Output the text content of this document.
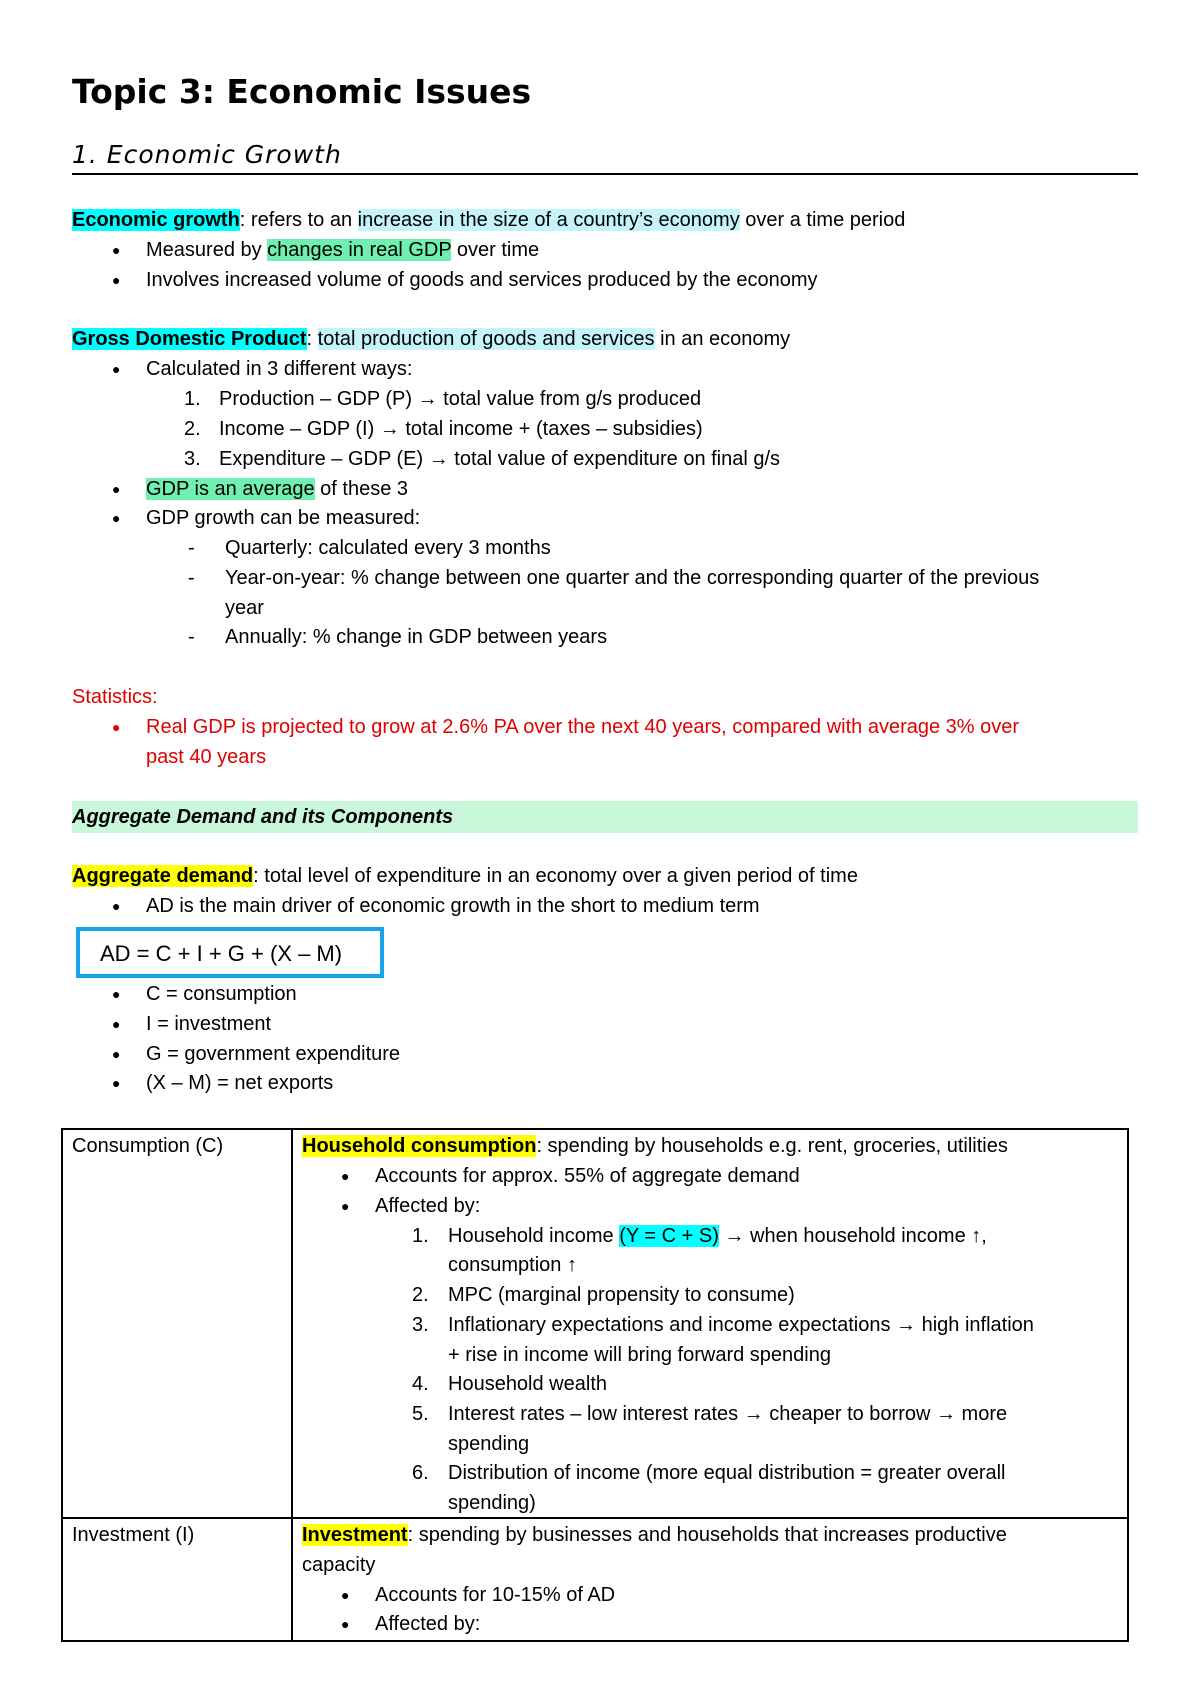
Topic 3: Economic Issues
1. Economic Growth
Economic growth: refers to an increase in the size of a country’s economy over a time period
● Measured by changes in real GDP over time
● Involves increased volume of goods and services produced by the economy
Gross Domestic Product: total production of goods and services in an economy
● Calculated in 3 different ways:
1. Production – GDP (P) → total value from g/s produced
2. Income – GDP (I) → total income + (taxes – subsidies)
3. Expenditure – GDP (E) → total value of expenditure on final g/s
● GDP is an average of these 3
● GDP growth can be measured:
- Quarterly: calculated every 3 months
- Year-on-year: % change between one quarter and the corresponding quarter of the previous
year
- Annually: % change in GDP between years
Statistics:
● Real GDP is projected to grow at 2.6% PA over the next 40 years, compared with average 3% over
past 40 years
Aggregate Demand and its Components
Aggregate demand: total level of expenditure in an economy over a given period of time
● AD is the main driver of economic growth in the short to medium term
AD = C + I + G + (X – M)
● C = consumption
● I = investment
● G = government expenditure
● (X – M) = net exports
Consumption (C)	Household consumption: spending by households e.g. rent, groceries, utilities
● Accounts for approx. 55% of aggregate demand
● Affected by:
1. Household income (Y = C + S) → when household income ↑,
consumption ↑
2. MPC (marginal propensity to consume)
3. Inflationary expectations and income expectations → high inflation
+ rise in income will bring forward spending
4. Household wealth
5. Interest rates – low interest rates → cheaper to borrow → more
spending
6. Distribution of income (more equal distribution = greater overall
spending)
Investment (I)	Investment: spending by businesses and households that increases productive
capacity
● Accounts for 10-15% of AD
● Affected by:
